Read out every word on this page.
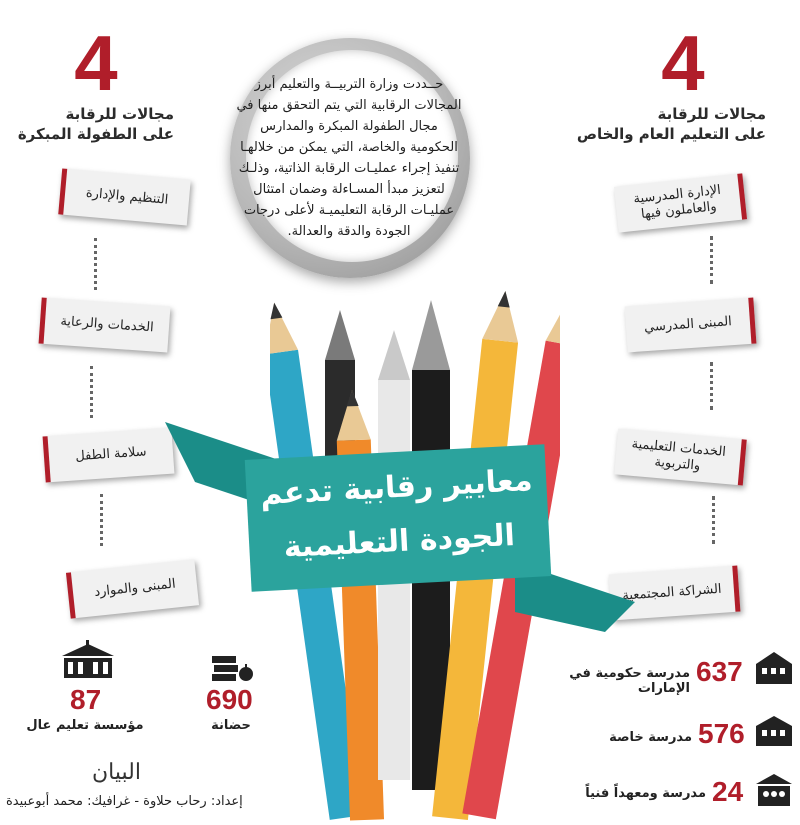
4
مجالات للرقابة
على التعليم العام والخاص
4
مجالات للرقابة
على الطفولة المبكرة
الإدارة المدرسية والعاملون فيها
المبنى المدرسي
الخدمات التعليمية والتربوية
الشراكة المجتمعية
التنظيم والإدارة
الخدمات والرعاية
سلامة الطفل
المبنى والموارد
حــددت وزارة التربيــة والتعليم أبرز المجالات الرقابية التي يتم التحقق منها في مجال الطفولة المبكرة والمدارس الحكومية والخاصة، التي يمكن من خلالهـا تنفيذ إجراء عمليـات الرقابة الذاتية، وذلـك لتعزيز مبدأ المسـاءلة وضمان امتثال عمليـات الرقابة التعليميـة لأعلى درجات الجودة والدقة والعدالة.
معايير رقابية تدعم
الجودة التعليمية
637
مدرسة حكومية في الإمارات
576
مدرسة خاصة
24
مدرسة ومعهداً فنياً
87
مؤسسة تعليم عال
690
حضانة
البيان
إعداد: رحاب حلاوة - غرافيك: محمد أبوعبيدة
